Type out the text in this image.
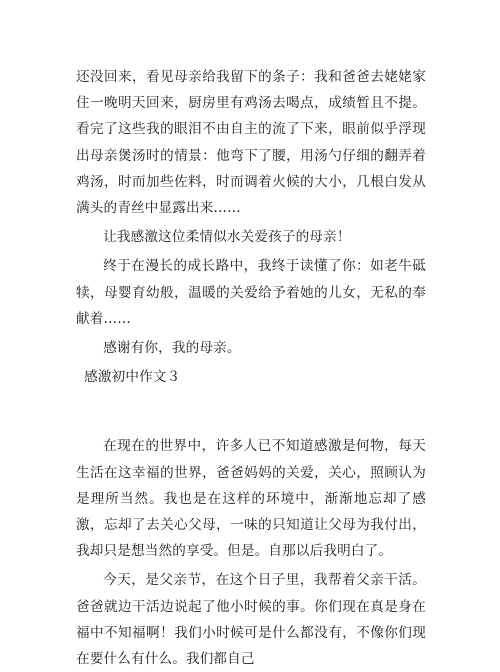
还没回来，看见母亲给我留下的条子：我和爸爸去姥姥家住一晚明天回来，厨房里有鸡汤去喝点，成绩暂且不提。看完了这些我的眼泪不由自主的流了下来，眼前似乎浮现出母亲煲汤时的情景：他弯下了腰，用汤勺仔细的翻弄着鸡汤，时而加些佐料，时而调着火候的大小，几根白发从满头的青丝中显露出来……

让我感激这位柔情似水关爱孩子的母亲！

终于在漫长的成长路中，我终于读懂了你：如老牛砥犊，母婴育幼般，温暖的关爱给予着她的儿女，无私的奉献着……

感谢有你，我的母亲。

感激初中作文３

在现在的世界中，许多人已不知道感激是何物，每天生活在这幸福的世界，爸爸妈妈的关爱，关心，照顾认为是理所当然。我也是在这样的环境中，渐渐地忘却了感激，忘却了去关心父母，一味的只知道让父母为我付出，我却只是想当然的享受。但是。自那以后我明白了。

今天，是父亲节，在这个日子里，我帮着父亲干活。爸爸就边干活边说起了他小时候的事。你们现在真是身在福中不知福啊！我们小时候可是什么都没有，不像你们现在要什么有什么。我们都自己
